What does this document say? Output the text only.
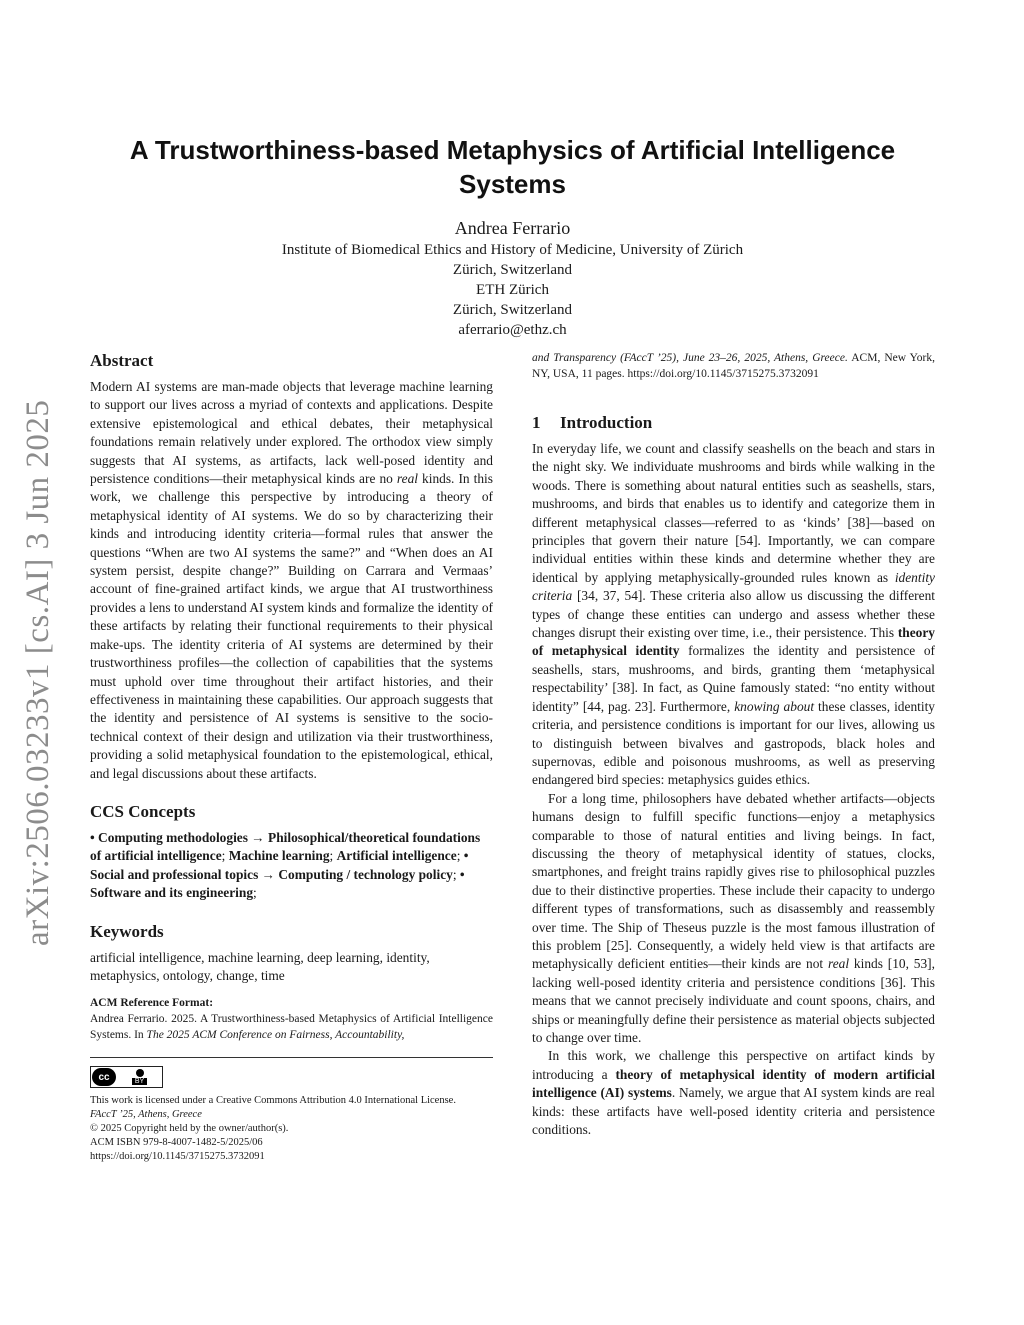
arXiv:2506.03233v1 [cs.AI] 3 Jun 2025
A Trustworthiness-based Metaphysics of Artificial Intelligence Systems
Andrea Ferrario
Institute of Biomedical Ethics and History of Medicine, University of Zürich
Zürich, Switzerland
ETH Zürich
Zürich, Switzerland
aferrario@ethz.ch
Abstract

Modern AI systems are man-made objects that leverage machine learning to support our lives across a myriad of contexts and applications. Despite extensive epistemological and ethical debates, their metaphysical foundations remain relatively under explored. The orthodox view simply suggests that AI systems, as artifacts, lack well-posed identity and persistence conditions—their metaphysical kinds are no real kinds. In this work, we challenge this perspective by introducing a theory of metaphysical identity of AI systems. We do so by characterizing their kinds and introducing identity criteria—formal rules that answer the questions “When are two AI systems the same?” and “When does an AI system persist, despite change?” Building on Carrara and Vermaas’ account of fine-grained artifact kinds, we argue that AI trustworthiness provides a lens to understand AI system kinds and formalize the identity of these artifacts by relating their functional requirements to their physical make-ups. The identity criteria of AI systems are determined by their trustworthiness profiles—the collection of capabilities that the systems must uphold over time throughout their artifact histories, and their effectiveness in maintaining these capabilities. Our approach suggests that the identity and persistence of AI systems is sensitive to the socio-technical context of their design and utilization via their trustworthiness, providing a solid metaphysical foundation to the epistemological, ethical, and legal discussions about these artifacts.

CCS Concepts

• Computing methodologies → Philosophical/theoretical foundations of artificial intelligence; Machine learning; Artificial intelligence; • Social and professional topics → Computing / technology policy; • Software and its engineering;

Keywords

artificial intelligence, machine learning, deep learning, identity, metaphysics, ontology, change, time

ACM Reference Format:

Andrea Ferrario. 2025. A Trustworthiness-based Metaphysics of Artificial Intelligence Systems. In The 2025 ACM Conference on Fairness, Accountability,

cc	BY
This work is licensed under a Creative Commons Attribution 4.0 International License.
FAccT ’25, Athens, Greece
© 2025 Copyright held by the owner/author(s).
ACM ISBN 979-8-4007-1482-5/2025/06
https://doi.org/10.1145/3715275.3732091

and Transparency (FAccT ’25), June 23–26, 2025, Athens, Greece. ACM, New York, NY, USA, 11 pages. https://doi.org/10.1145/3715275.3732091

1 Introduction

In everyday life, we count and classify seashells on the beach and stars in the night sky. We individuate mushrooms and birds while walking in the woods. There is something about natural entities such as seashells, stars, mushrooms, and birds that enables us to identify and categorize them in different metaphysical classes—referred to as ‘kinds’ [38]—based on principles that govern their nature [54]. Importantly, we can compare individual entities within these kinds and determine whether they are identical by applying metaphysically-grounded rules known as identity criteria [34, 37, 54]. These criteria also allow us discussing the different types of change these entities can undergo and assess whether these changes disrupt their existing over time, i.e., their persistence. This theory of metaphysical identity formalizes the identity and persistence of seashells, stars, mushrooms, and birds, granting them ‘metaphysical respectability’ [38]. In fact, as Quine famously stated: “no entity without identity” [44, pag. 23]. Furthermore, knowing about these classes, identity criteria, and persistence conditions is important for our lives, allowing us to distinguish between bivalves and gastropods, black holes and supernovas, edible and poisonous mushrooms, as well as preserving endangered bird species: metaphysics guides ethics.

For a long time, philosophers have debated whether artifacts—objects humans design to fulfill specific functions—enjoy a metaphysics comparable to those of natural entities and living beings. In fact, discussing the theory of metaphysical identity of statues, clocks, smartphones, and freight trains rapidly gives rise to philosophical puzzles due to their distinctive properties. These include their capacity to undergo different types of transformations, such as disassembly and reassembly over time. The Ship of Theseus puzzle is the most famous illustration of this problem [25]. Consequently, a widely held view is that artifacts are metaphysically deficient entities—their kinds are not real kinds [10, 53], lacking well-posed identity criteria and persistence conditions [36]. This means that we cannot precisely individuate and count spoons, chairs, and ships or meaningfully define their persistence as material objects subjected to change over time.

In this work, we challenge this perspective on artifact kinds by introducing a theory of metaphysical identity of modern artificial intelligence (AI) systems. Namely, we argue that AI system kinds are real kinds: these artifacts have well-posed identity criteria and persistence conditions.
